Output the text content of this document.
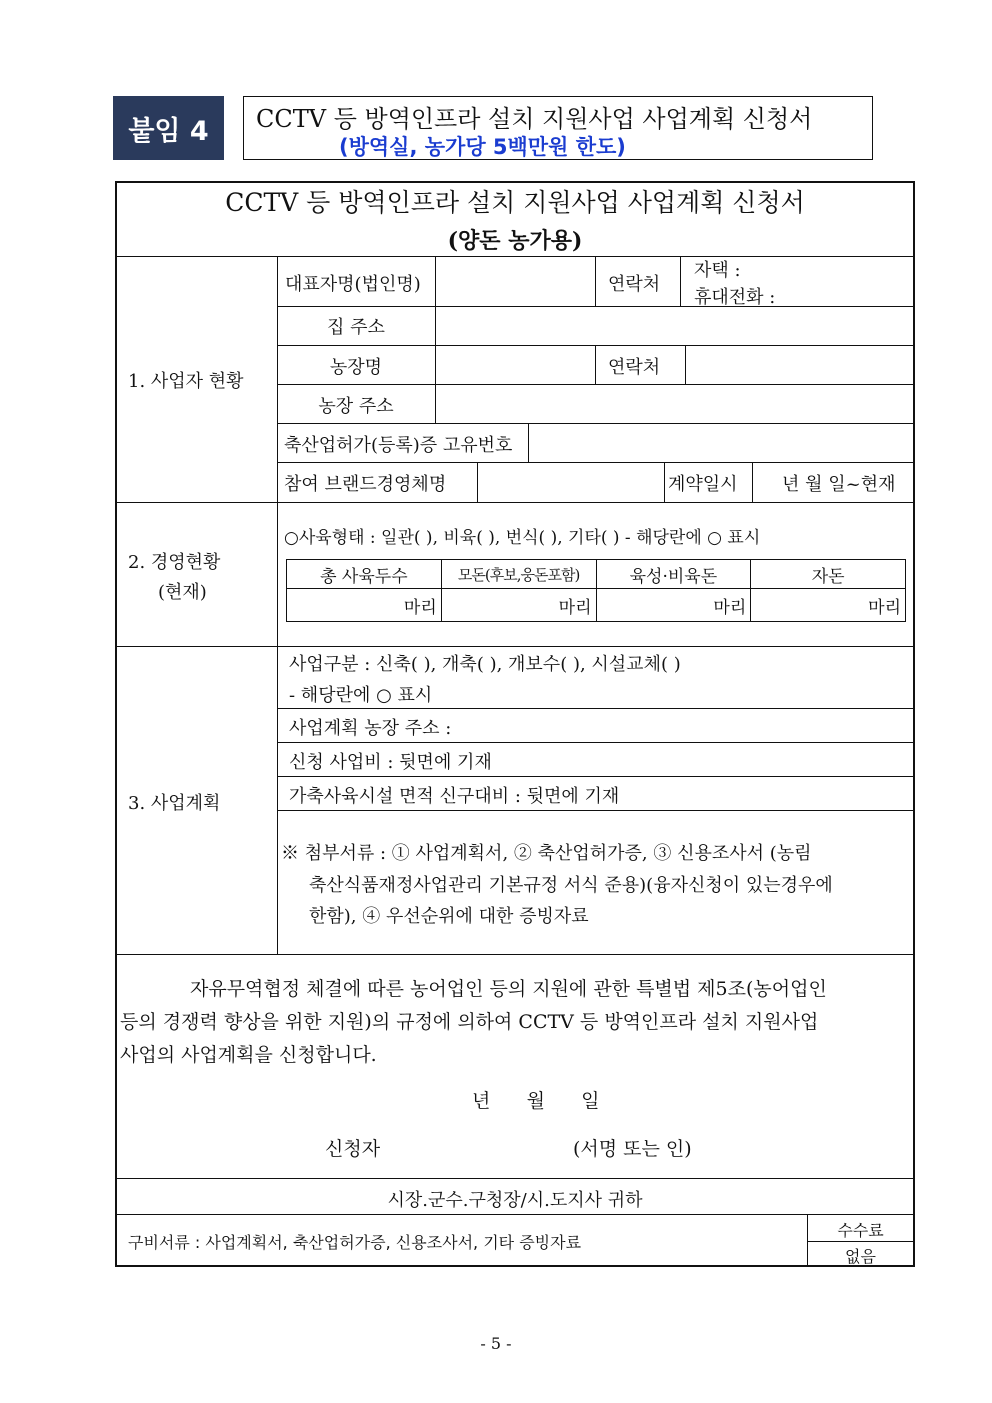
붙임 4	CCTV 등 방역인프라 설치 지원사업 사업계획 신청서
(방역실, 농가당 5백만원 한도)
CCTV 등 방역인프라 설치 지원사업 사업계획 신청서
(양돈 농가용)
1. 사업자 현황
대표자명(법인명)	연락처
자택 :
휴대전화 :
집 주소
농장명	연락처
농장 주소
축산업허가(등록)증 고유번호
참여 브랜드경영체명	계약일시 년 월 일~현재
2. 경영현황
(현재)
○사육형태 : 일관( ), 비육( ), 번식( ), 기타( ) - 해당란에 ○ 표시
총 사육두수	모돈(후보,웅돈포함)	육성·비육돈	자돈
마리	마리	마리	마리
3. 사업계획
사업구분 : 신축( ), 개축( ), 개보수( ), 시설교체( )
- 해당란에 ○ 표시
사업계획 농장 주소 :
신청 사업비 : 뒷면에 기재
가축사육시설 면적 신구대비 : 뒷면에 기재
※ 첨부서류 : ① 사업계획서, ② 축산업허가증, ③ 신용조사서 (농림
축산식품재정사업관리 기본규정 서식 준용)(융자신청이 있는경우에
한함), ④ 우선순위에 대한 증빙자료
자유무역협정 체결에 따른 농어업인 등의 지원에 관한 특별법 제5조(농어업인
등의 경쟁력 향상을 위한 지원)의 규정에 의하여 CCTV 등 방역인프라 설치 지원사업
사업의 사업계획을 신청합니다.
년      월      일
신청자	(서명 또는 인)
시장.군수.구청장/시.도지사 귀하
구비서류 : 사업계획서, 축산업허가증, 신용조사서, 기타 증빙자료
수수료
없음
- 5 -
